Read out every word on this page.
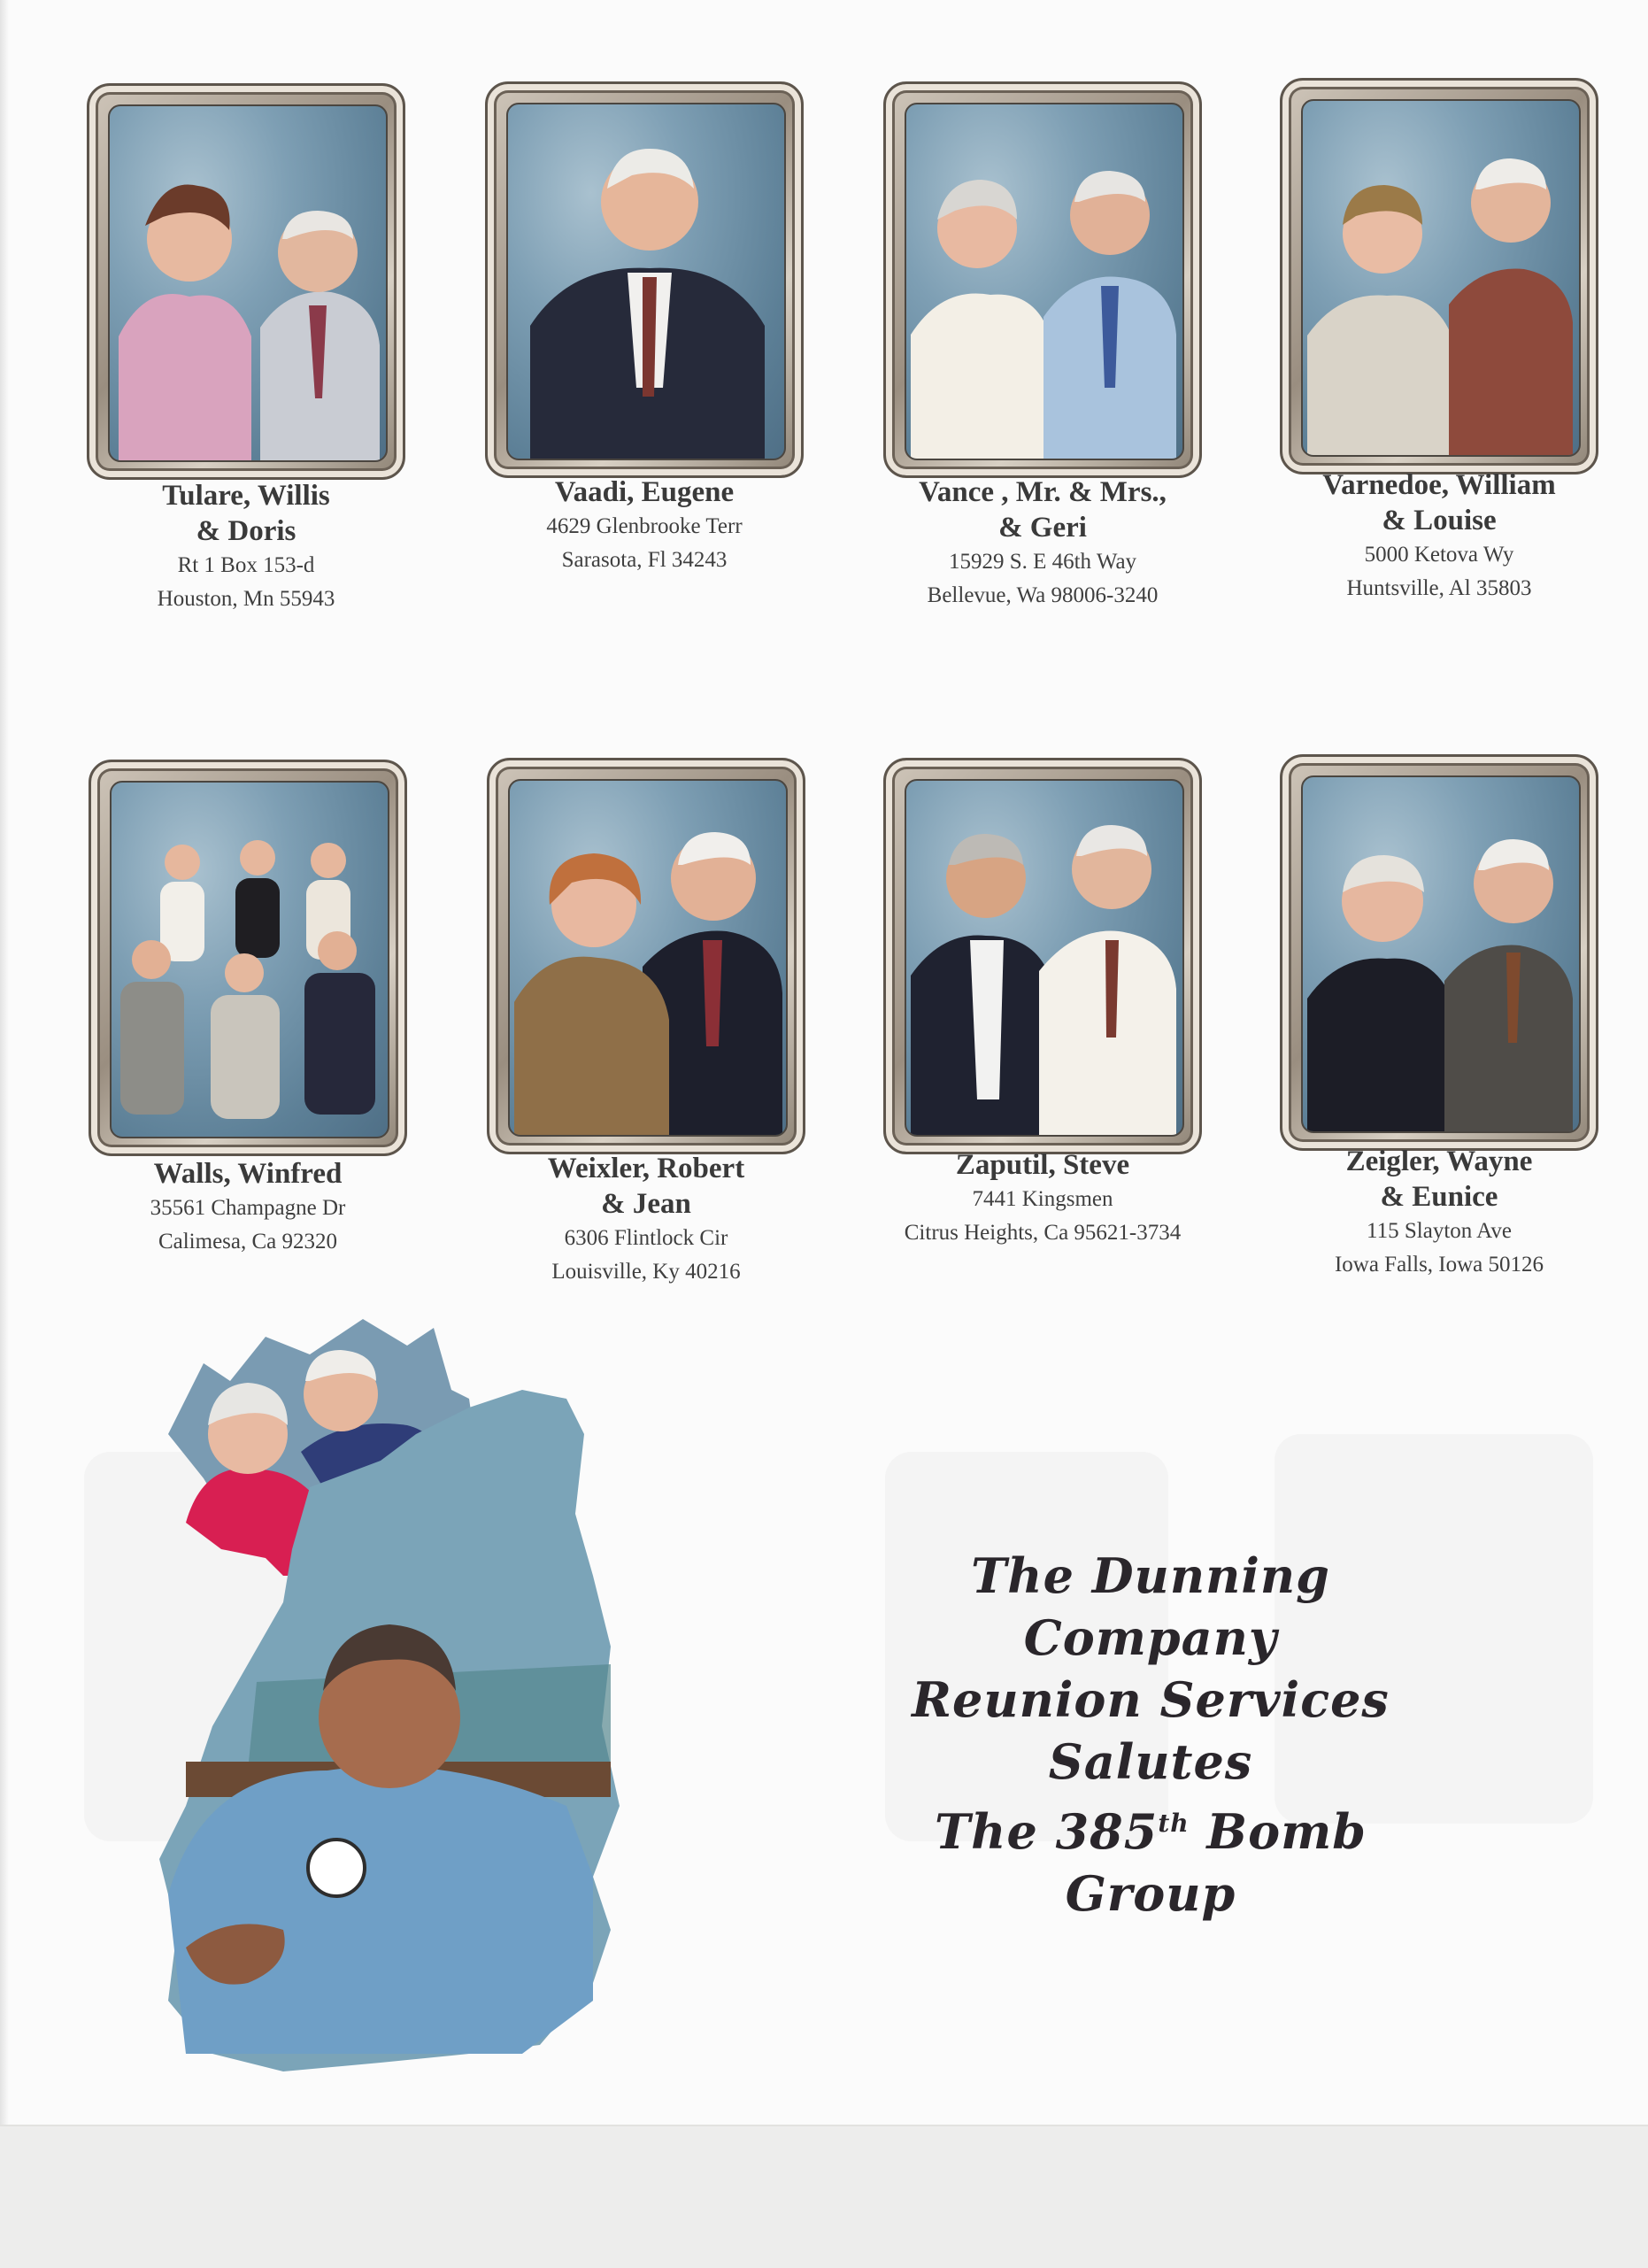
Tulare, Willis
& Doris
Rt 1 Box 153-d
Houston, Mn 55943
Vaadi, Eugene
4629 Glenbrooke Terr
Sarasota, Fl 34243
Vance , Mr. & Mrs.,
& Geri
15929 S. E 46th Way
Bellevue, Wa 98006-3240
Varnedoe, William
& Louise
5000 Ketova Wy
Huntsville, Al 35803
Walls, Winfred
35561 Champagne Dr
Calimesa, Ca 92320
Weixler, Robert
& Jean
6306 Flintlock Cir
Louisville, Ky 40216
Zaputil, Steve
7441 Kingsmen
Citrus Heights, Ca 95621-3734
Zeigler, Wayne
& Eunice
115 Slayton Ave
Iowa Falls, Iowa 50126
The Dunning Company
Reunion Services
Salutes
The 385th Bomb Group
